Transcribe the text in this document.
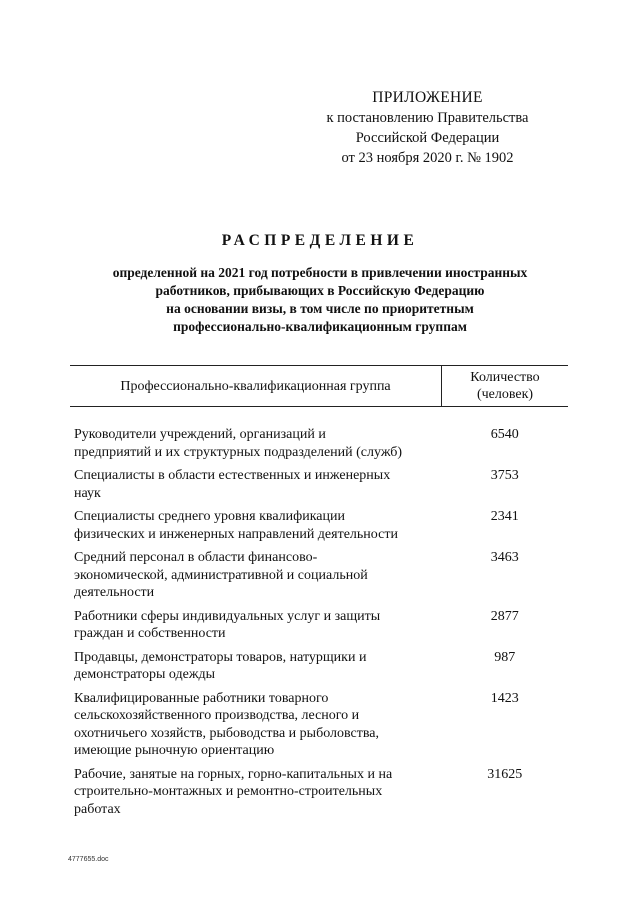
ПРИЛОЖЕНИЕ
к постановлению Правительства
Российской Федерации
от 23 ноября 2020 г. № 1902
РАСПРЕДЕЛЕНИЕ
определенной на 2021 год потребности в привлечении иностранных
работников, прибывающих в Российскую Федерацию
на основании визы, в том числе по приоритетным
профессионально-квалификационным группам
Профессионально-квалификационная группа	Количество
(человек)

Руководители учреждений, организаций и
предприятий и их структурных подразделений (служб)	6540

Специалисты в области естественных и инженерных
наук	3753

Специалисты среднего уровня квалификации
физических и инженерных направлений деятельности	2341

Средний персонал в области финансово-
экономической, административной и социальной
деятельности	3463

Работники сферы индивидуальных услуг и защиты
граждан и собственности	2877

Продавцы, демонстраторы товаров, натурщики и
демонстраторы одежды	987

Квалифицированные работники товарного
сельскохозяйственного производства, лесного и
охотничьего хозяйств, рыбоводства и рыболовства,
имеющие рыночную ориентацию	1423

Рабочие, занятые на горных, горно-капитальных и на
строительно-монтажных и ремонтно-строительных
работах	31625
4777655.doc
